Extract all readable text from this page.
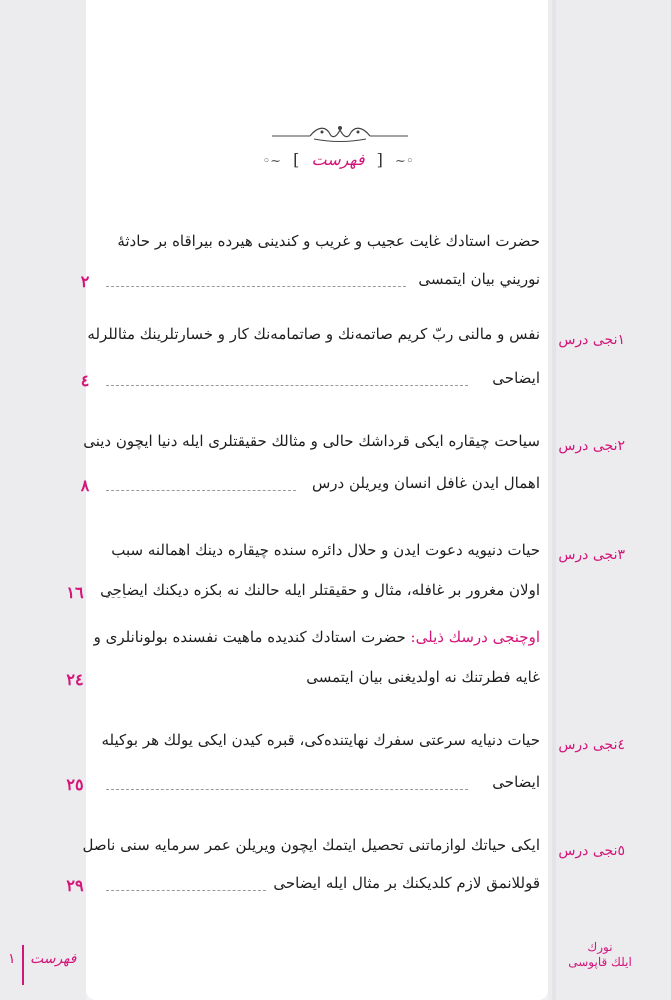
◦~ [ فهرست ] ~◦
حضرت استادك غايت عجيب و غريب و كندينى هيرده بيراقاه بر حادثهٔ
نوريني بيان ايتمسى
٢
١نجى درس
نفس و مالنى ربّ كريم صاتمه‌نك و صاتمامه‌نك كار و خسارتلرينك مثاللرله
ايضاحى
٤
٢نجى درس
سياحت چيقاره ايكى قرداشك حالى و مثالك حقيقتلرى ايله دنيا ايچون دينى
اهمال ايدن غافل انسان ويريلن درس
٨
٣نجى درس
حيات دنيويه دعوت ايدن و حلال دائره سنده چيقاره دينك اهمالنه سبب
اولان مغرور بر غافله، مثال و حقيقتلر ايله حالنك نه بكزه ديكنك ايضاحى
١٦
اوچنجى درسك ذيلى: حضرت استادك كنديده ماهيت نفسنده بولونانلرى و
غايه فطرتنك نه اولديغنى بيان ايتمسى
٢٤
٤نجى درس
حيات دنيايه سرعتى سفرك نهايتنده‌كى، قبره كيدن ايكى يولك هر بوكيله
ايضاحى
٢٥
٥نجى درس
ايكى حياتك لوازماتنى تحصيل ايتمك ايچون ويريلن عمر سرمايه سنى ناصل
قوللانمق لازم كلديكنك بر مثال ايله ايضاحى
٢٩
فهرست
١
نورك
ايلك قاپوسى
